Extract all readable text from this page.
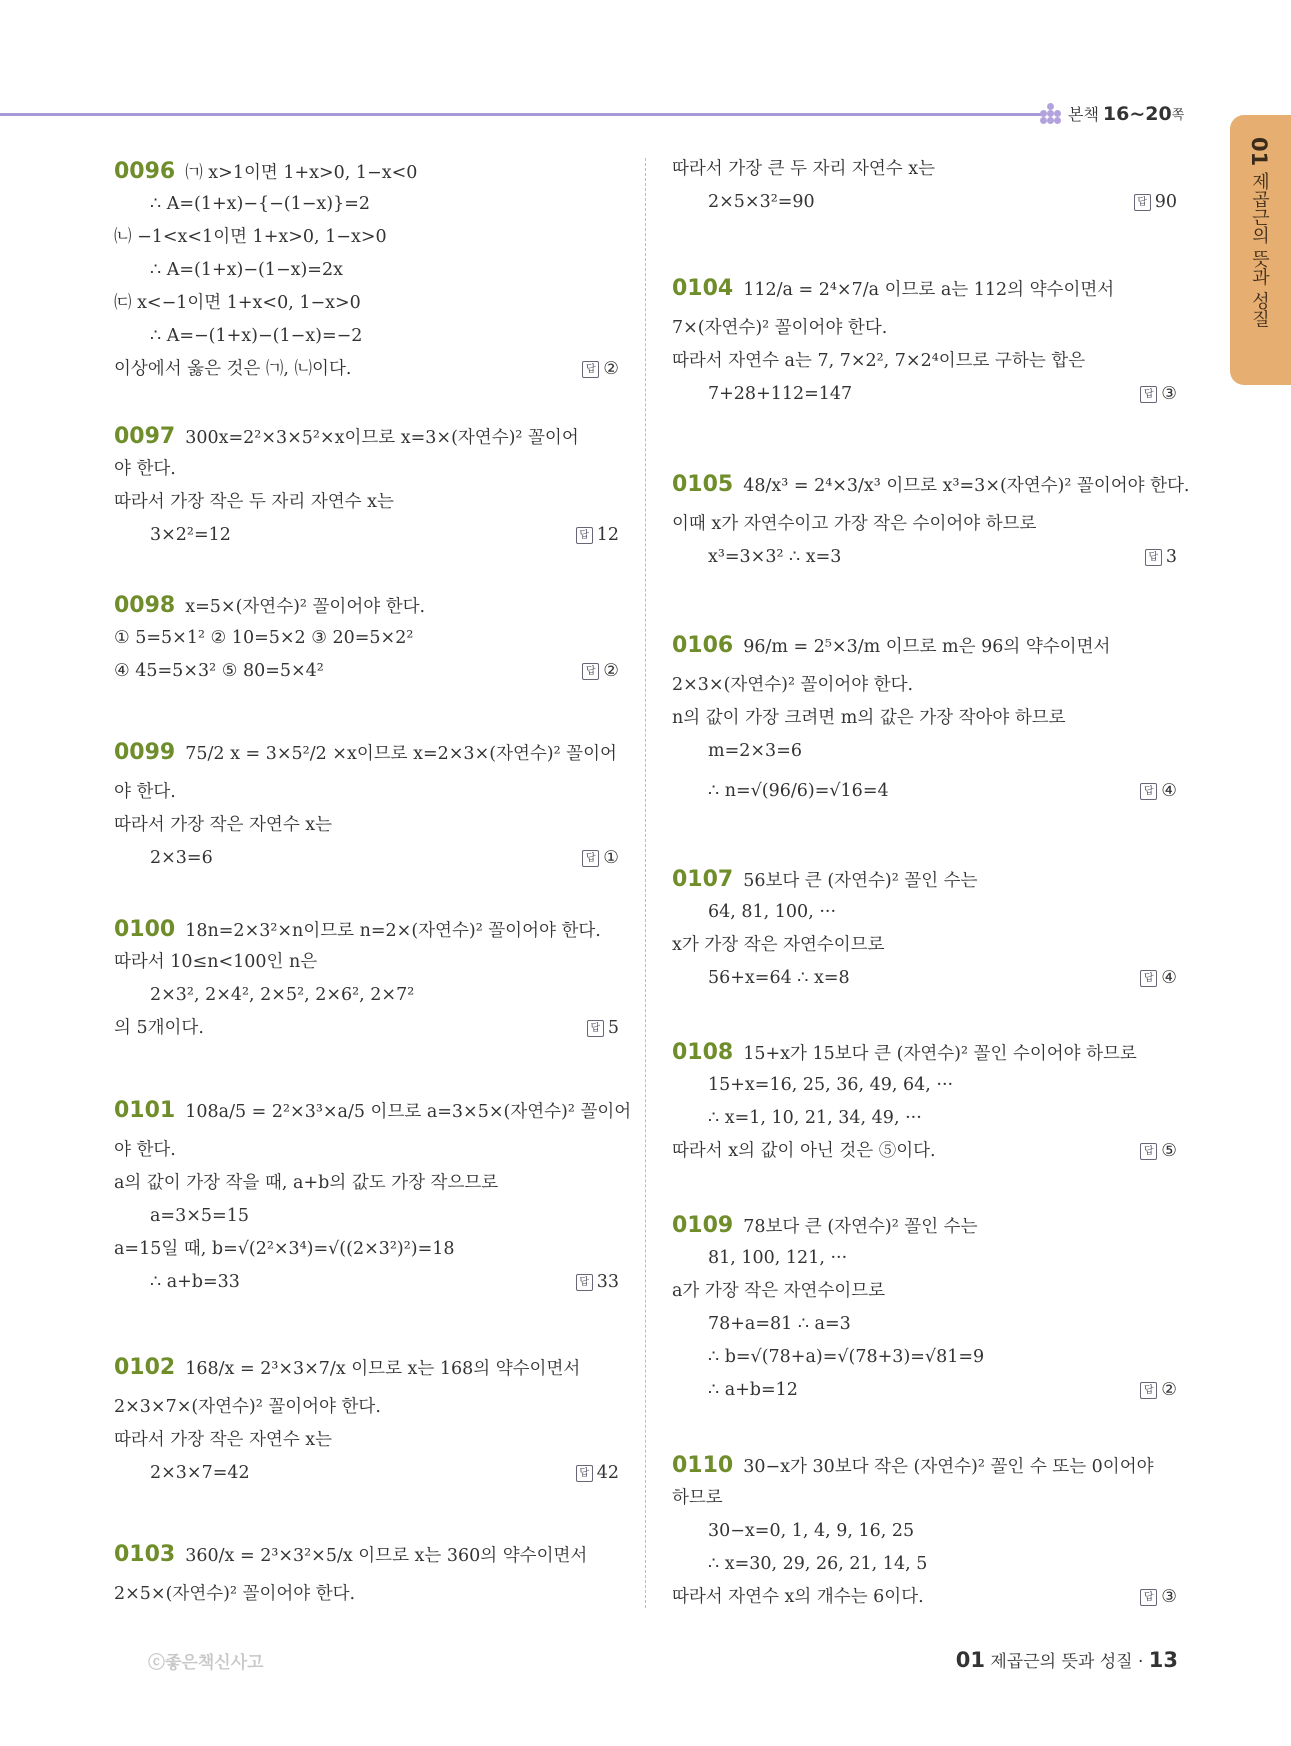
본책 16~20 쪽
01 제곱근의 뜻과 성질
0096 ㈀ x>1이면 1+x>0, 1−x<0
∴ A=(1+x)−{−(1−x)}=2
㈁ −1<x<1이면 1+x>0, 1−x>0
∴ A=(1+x)−(1−x)=2x
㈂ x<−1이면 1+x<0, 1−x>0
∴ A=−(1+x)−(1−x)=−2
이상에서 옳은 것은 ㈀, ㈁이다.	답 ②
0097 300x=2²×3×5²×x이므로 x=3×(자연수)² 꼴이어
야 한다.
따라서 가장 작은 두 자리 자연수 x는
3×2²=12	답 12
0098 x=5×(자연수)² 꼴이어야 한다.
① 5=5×1² ② 10=5×2 ③ 20=5×2²
④ 45=5×3² ⑤ 80=5×4²	답 ②
0099 75/2 x = 3×5²/2 ×x이므로 x=2×3×(자연수)² 꼴이어
야 한다.
따라서 가장 작은 자연수 x는
2×3=6	답 ①
0100 18n=2×3²×n이므로 n=2×(자연수)² 꼴이어야 한다.
따라서 10≤n<100인 n은
2×3², 2×4², 2×5², 2×6², 2×7²
의 5개이다.	답 5
0101 108a/5 = 2²×3³×a/5 이므로 a=3×5×(자연수)² 꼴이어
야 한다.
a의 값이 가장 작을 때, a+b의 값도 가장 작으므로
a=3×5=15
a=15일 때, b=√(2²×3⁴)=√((2×3²)²)=18
∴ a+b=33	답 33
0102 168/x = 2³×3×7/x 이므로 x는 168의 약수이면서
2×3×7×(자연수)² 꼴이어야 한다.
따라서 가장 작은 자연수 x는
2×3×7=42	답 42
0103 360/x = 2³×3²×5/x 이므로 x는 360의 약수이면서
2×5×(자연수)² 꼴이어야 한다.
따라서 가장 큰 두 자리 자연수 x는
2×5×3²=90	답 90
0104 112/a = 2⁴×7/a 이므로 a는 112의 약수이면서
7×(자연수)² 꼴이어야 한다.
따라서 자연수 a는 7, 7×2², 7×2⁴이므로 구하는 합은
7+28+112=147	답 ③
0105 48/x³ = 2⁴×3/x³ 이므로 x³=3×(자연수)² 꼴이어야 한다.
이때 x가 자연수이고 가장 작은 수이어야 하므로
x³=3×3² ∴ x=3	답 3
0106 96/m = 2⁵×3/m 이므로 m은 96의 약수이면서
2×3×(자연수)² 꼴이어야 한다.
n의 값이 가장 크려면 m의 값은 가장 작아야 하므로
m=2×3=6
∴ n=√(96/6)=√16=4	답 ④
0107 56보다 큰 (자연수)² 꼴인 수는
64, 81, 100, ···
x가 가장 작은 자연수이므로
56+x=64 ∴ x=8	답 ④
0108 15+x가 15보다 큰 (자연수)² 꼴인 수이어야 하므로
15+x=16, 25, 36, 49, 64, ···
∴ x=1, 10, 21, 34, 49, ···
따라서 x의 값이 아닌 것은 ⑤이다.	답 ⑤
0109 78보다 큰 (자연수)² 꼴인 수는
81, 100, 121, ···
a가 가장 작은 자연수이므로
78+a=81 ∴ a=3
∴ b=√(78+a)=√(78+3)=√81=9
∴ a+b=12	답 ②
0110 30−x가 30보다 작은 (자연수)² 꼴인 수 또는 0이어야
하므로
30−x=0, 1, 4, 9, 16, 25
∴ x=30, 29, 26, 21, 14, 5
따라서 자연수 x의 개수는 6이다.	답 ③
ⓒ좋은책신사고	01 제곱근의 뜻과 성질 · 13
